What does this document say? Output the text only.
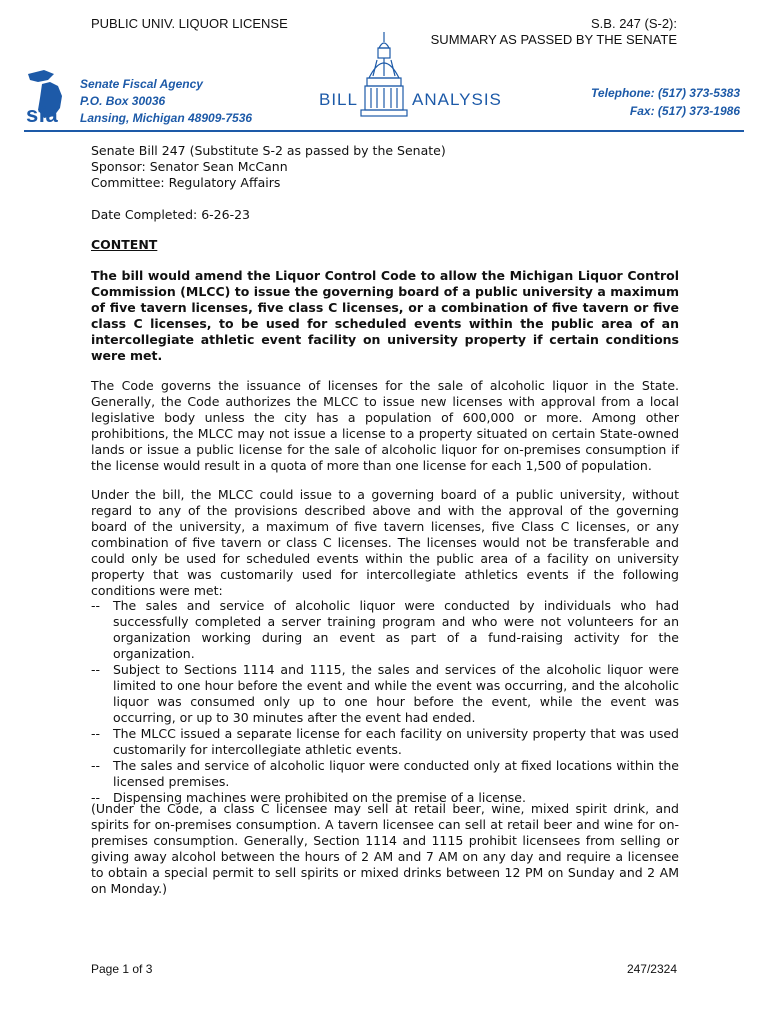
PUBLIC UNIV. LIQUOR LICENSE	S.B. 247 (S-2):
SUMMARY AS PASSED BY THE SENATE
sfa
Senate Fiscal Agency
P.O. Box 30036
Lansing, Michigan 48909-7536
BILL	ANALYSIS	Telephone: (517) 373-5383
Fax: (517) 373-1986
Senate Bill 247 (Substitute S-2 as passed by the Senate)
Sponsor: Senator Sean McCann
Committee: Regulatory Affairs
Date Completed: 6-26-23
CONTENT
The bill would amend the Liquor Control Code to allow the Michigan Liquor Control Commission (MLCC) to issue the governing board of a public university a maximum of five tavern licenses, five class C licenses, or a combination of five tavern or five class C licenses, to be used for scheduled events within the public area of an intercollegiate athletic event facility on university property if certain conditions were met.
The Code governs the issuance of licenses for the sale of alcoholic liquor in the State. Generally, the Code authorizes the MLCC to issue new licenses with approval from a local legislative body unless the city has a population of 600,000 or more. Among other prohibitions, the MLCC may not issue a license to a property situated on certain State-owned lands or issue a public license for the sale of alcoholic liquor for on-premises consumption if the license would result in a quota of more than one license for each 1,500 of population.
Under the bill, the MLCC could issue to a governing board of a public university, without regard to any of the provisions described above and with the approval of the governing board of the university, a maximum of five tavern licenses, five Class C licenses, or any combination of five tavern or class C licenses. The licenses would not be transferable and could only be used for scheduled events within the public area of a facility on university property that was customarily used for intercollegiate athletics events if the following conditions were met:
-- The sales and service of alcoholic liquor were conducted by individuals who had successfully completed a server training program and who were not volunteers for an organization working during an event as part of a fund-raising activity for the organization.
-- Subject to Sections 1114 and 1115, the sales and services of the alcoholic liquor were limited to one hour before the event and while the event was occurring, and the alcoholic liquor was consumed only up to one hour before the event, while the event was occurring, or up to 30 minutes after the event had ended.
-- The MLCC issued a separate license for each facility on university property that was used customarily for intercollegiate athletic events.
-- The sales and service of alcoholic liquor were conducted only at fixed locations within the licensed premises.
-- Dispensing machines were prohibited on the premise of a license.
(Under the Code, a class C licensee may sell at retail beer, wine, mixed spirit drink, and spirits for on-premises consumption. A tavern licensee can sell at retail beer and wine for on-premises consumption. Generally, Section 1114 and 1115 prohibit licensees from selling or giving away alcohol between the hours of 2 AM and 7 AM on any day and require a licensee to obtain a special permit to sell spirits or mixed drinks between 12 PM on Sunday and 2 AM on Monday.)
Page 1 of 3	247/2324
